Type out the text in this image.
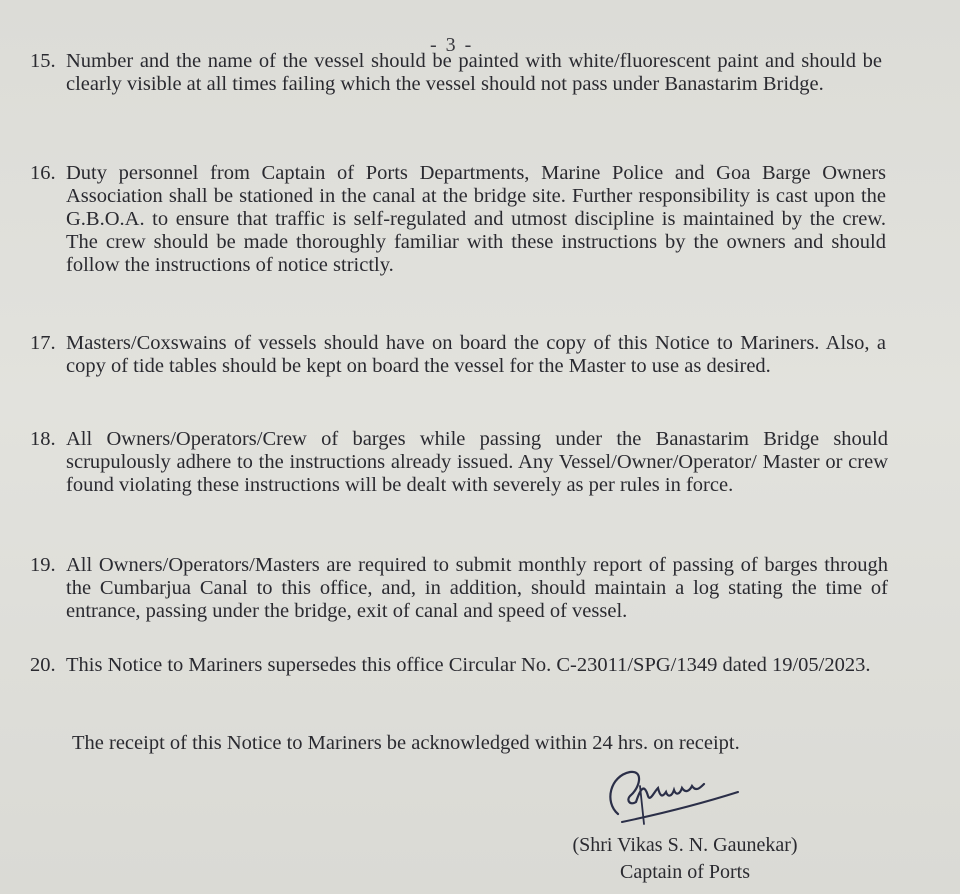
- 3 -
15. Number and the name of the vessel should be painted with white/fluorescent paint and should be clearly visible at all times failing which the vessel should not pass under Banastarim Bridge.
16. Duty personnel from Captain of Ports Departments, Marine Police and Goa Barge Owners Association shall be stationed in the canal at the bridge site. Further responsibility is cast upon the G.B.O.A. to ensure that traffic is self-regulated and utmost discipline is maintained by the crew. The crew should be made thoroughly familiar with these instructions by the owners and should follow the instructions of notice strictly.
17. Masters/Coxswains of vessels should have on board the copy of this Notice to Mariners. Also, a copy of tide tables should be kept on board the vessel for the Master to use as desired.
18. All Owners/Operators/Crew of barges while passing under the Banastarim Bridge should scrupulously adhere to the instructions already issued. Any Vessel/Owner/Operator/ Master or crew found violating these instructions will be dealt with severely as per rules in force.
19. All Owners/Operators/Masters are required to submit monthly report of passing of barges through the Cumbarjua Canal to this office, and, in addition, should maintain a log stating the time of entrance, passing under the bridge, exit of canal and speed of vessel.
20. This Notice to Mariners supersedes this office Circular No. C-23011/SPG/1349 dated 19/05/2023.
The receipt of this Notice to Mariners be acknowledged within 24 hrs. on receipt.
(Shri Vikas S. N. Gaunekar)
Captain of Ports
